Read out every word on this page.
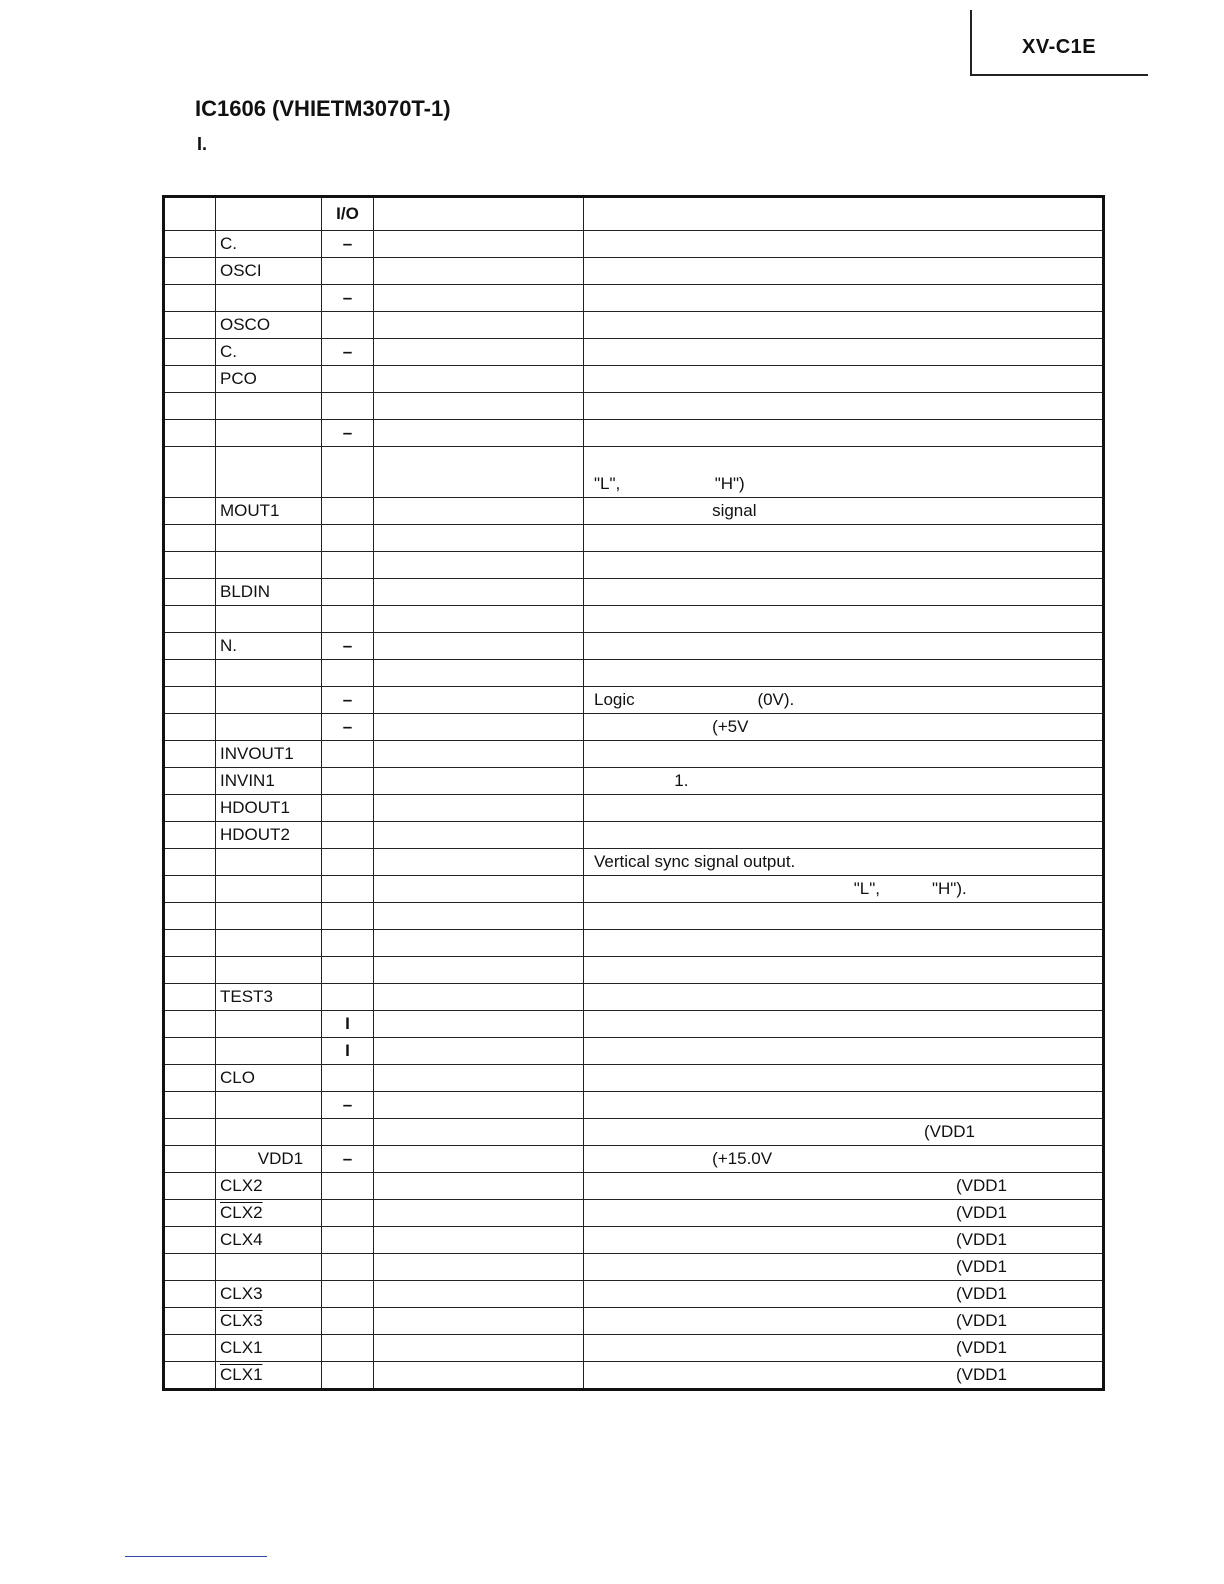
XV-C1E
IC1606 (VHIETM3070T-1)
I.
		I/O		
	C.	–		
	OSCI			
		–		
	OSCO			
	C.	–		
	PCO			

		–		
				"L",                    "H")
	MOUT1			signal

	BLDIN			

	N.	–		

		–		Logic                          (0V).
		–		(+5V
	INVOUT1			
	INVIN1			1.
	HDOUT1			
	HDOUT2			
				Vertical sync signal output.
				"L",           "H").

	TEST3			
		I		
		I		
	CLO			
		–		
				(VDD1
	VDD1	–		(+15.0V
	CLX2			(VDD1
	CLX2			(VDD1
	CLX4			(VDD1
				(VDD1
	CLX3			(VDD1
	CLX3			(VDD1
	CLX1			(VDD1
	CLX1			(VDD1
